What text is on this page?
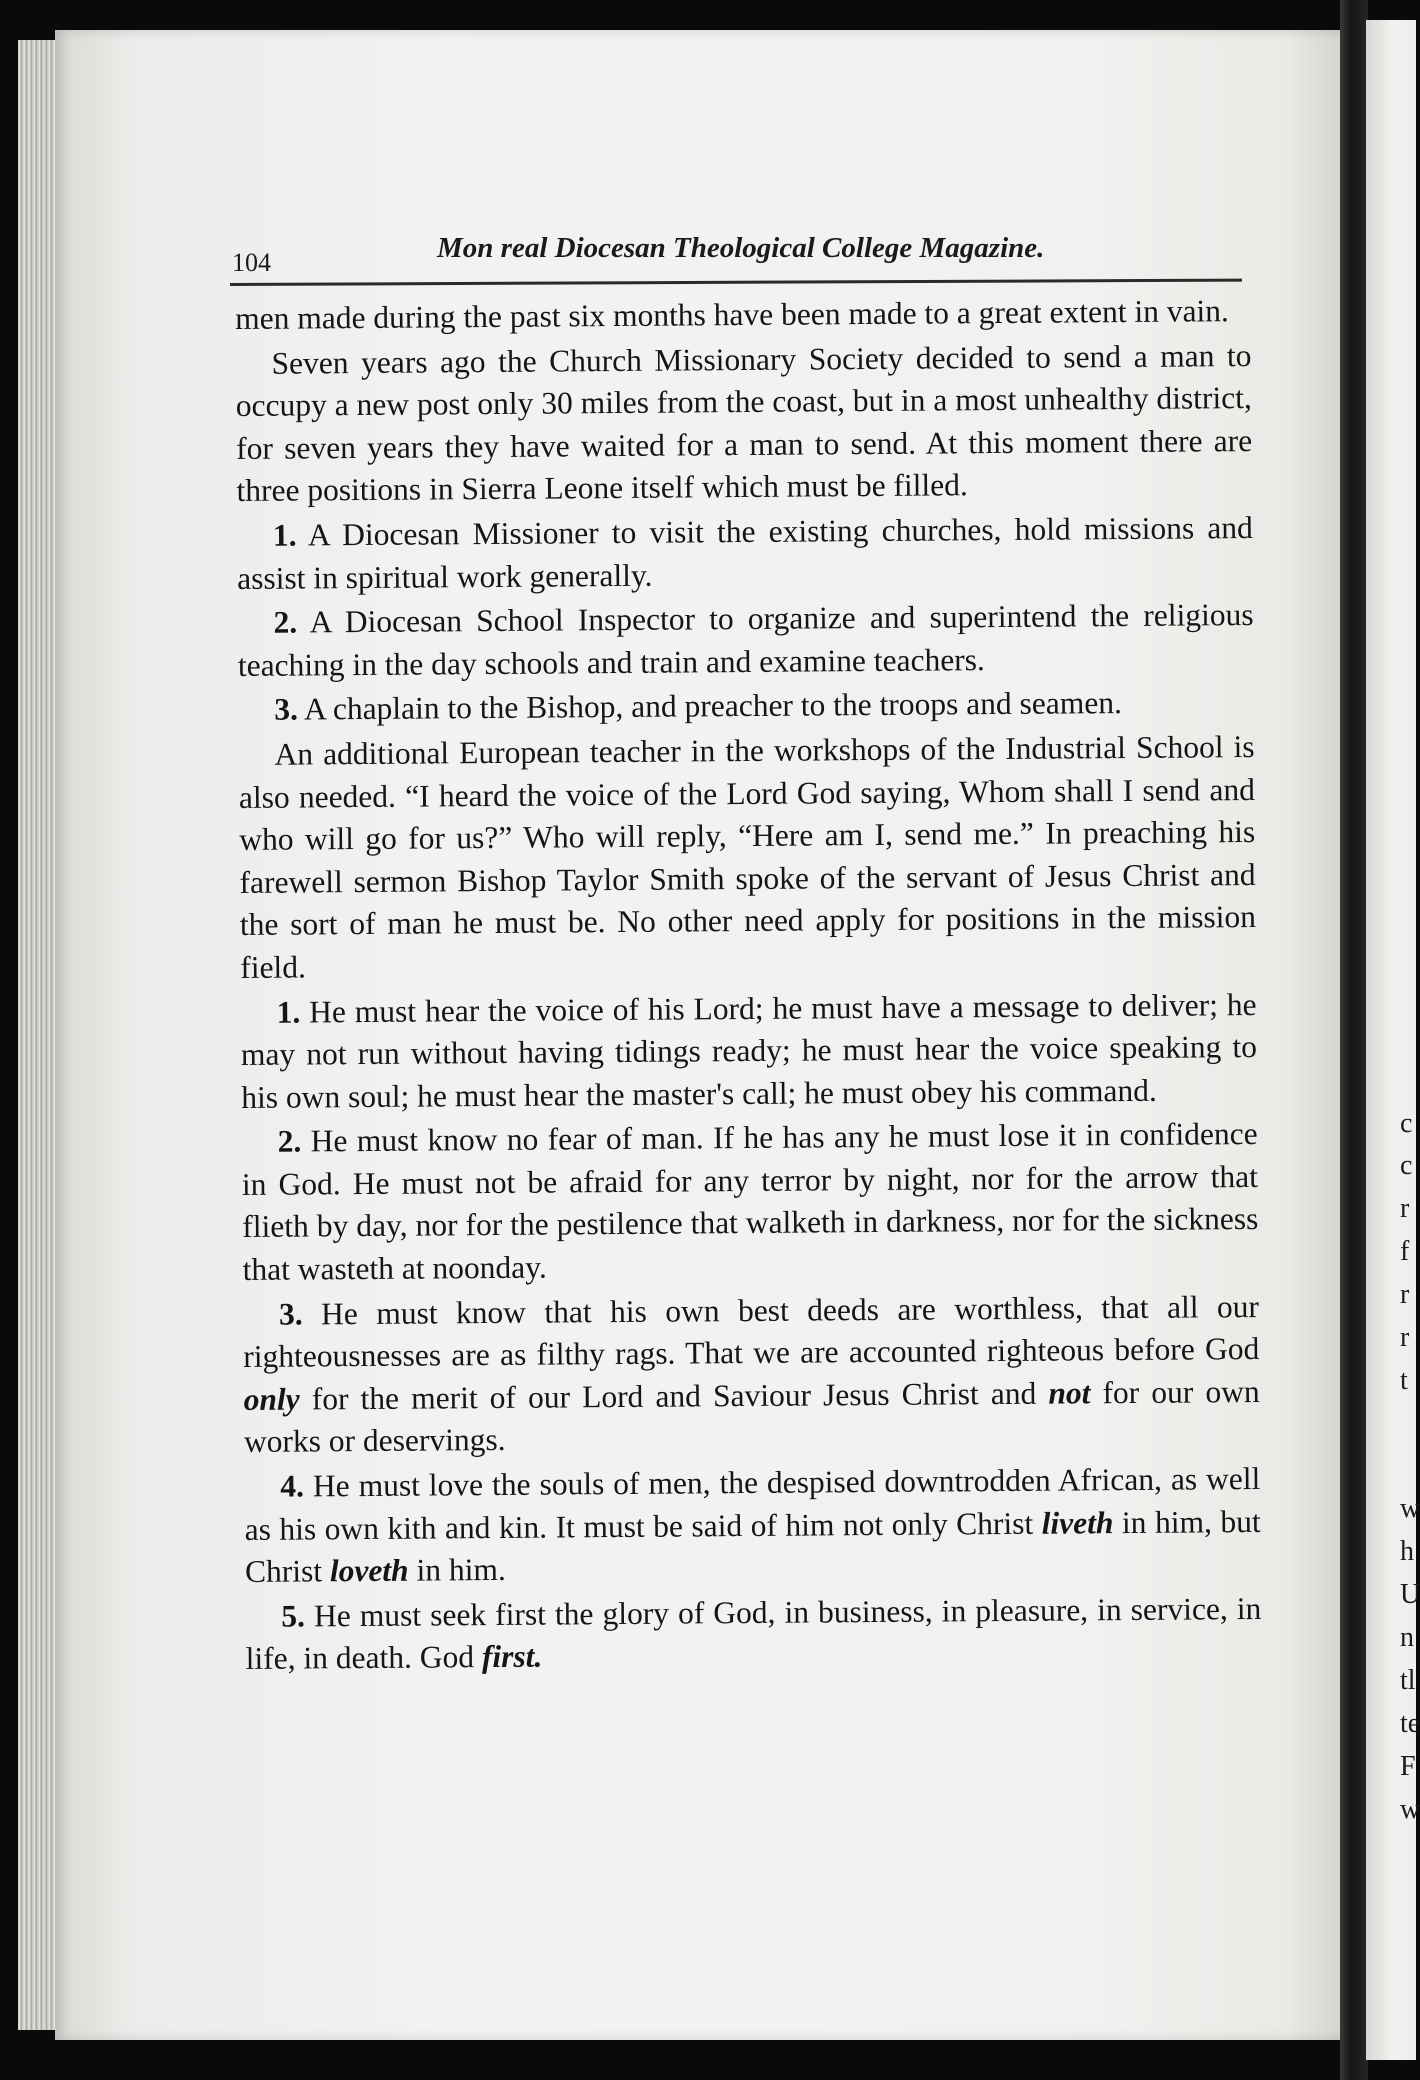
c
c
r
f
r
r
t
w
h
U
n
tl
te
F
w
104	Mon real Diocesan Theological College Magazine.

men made during the past six months have been made to a great extent in vain.

Seven years ago the Church Missionary Society decided to send a man to occupy a new post only 30 miles from the coast, but in a most unhealthy district, for seven years they have waited for a man to send. At this moment there are three positions in Sierra Leone itself which must be filled.

1. A Diocesan Missioner to visit the existing churches, hold missions and assist in spiritual work generally.

2. A Diocesan School Inspector to organize and superintend the religious teaching in the day schools and train and examine teachers.

3. A chaplain to the Bishop, and preacher to the troops and seamen.

An additional European teacher in the workshops of the Industrial School is also needed. “I heard the voice of the Lord God saying, Whom shall I send and who will go for us?” Who will reply, “Here am I, send me.” In preaching his farewell sermon Bishop Taylor Smith spoke of the servant of Jesus Christ and the sort of man he must be. No other need apply for positions in the mission field.

1. He must hear the voice of his Lord; he must have a message to deliver; he may not run without having tidings ready; he must hear the voice speaking to his own soul; he must hear the master's call; he must obey his command.

2. He must know no fear of man. If he has any he must lose it in confidence in God. He must not be afraid for any terror by night, nor for the arrow that flieth by day, nor for the pestilence that walketh in darkness, nor for the sickness that wasteth at noonday.

3. He must know that his own best deeds are worthless, that all our righteousnesses are as filthy rags. That we are accounted righteous before God only for the merit of our Lord and Saviour Jesus Christ and not for our own works or deservings.

4. He must love the souls of men, the despised downtrodden African, as well as his own kith and kin. It must be said of him not only Christ liveth in him, but Christ loveth in him.

5. He must seek first the glory of God, in business, in pleasure, in service, in life, in death. God first.
